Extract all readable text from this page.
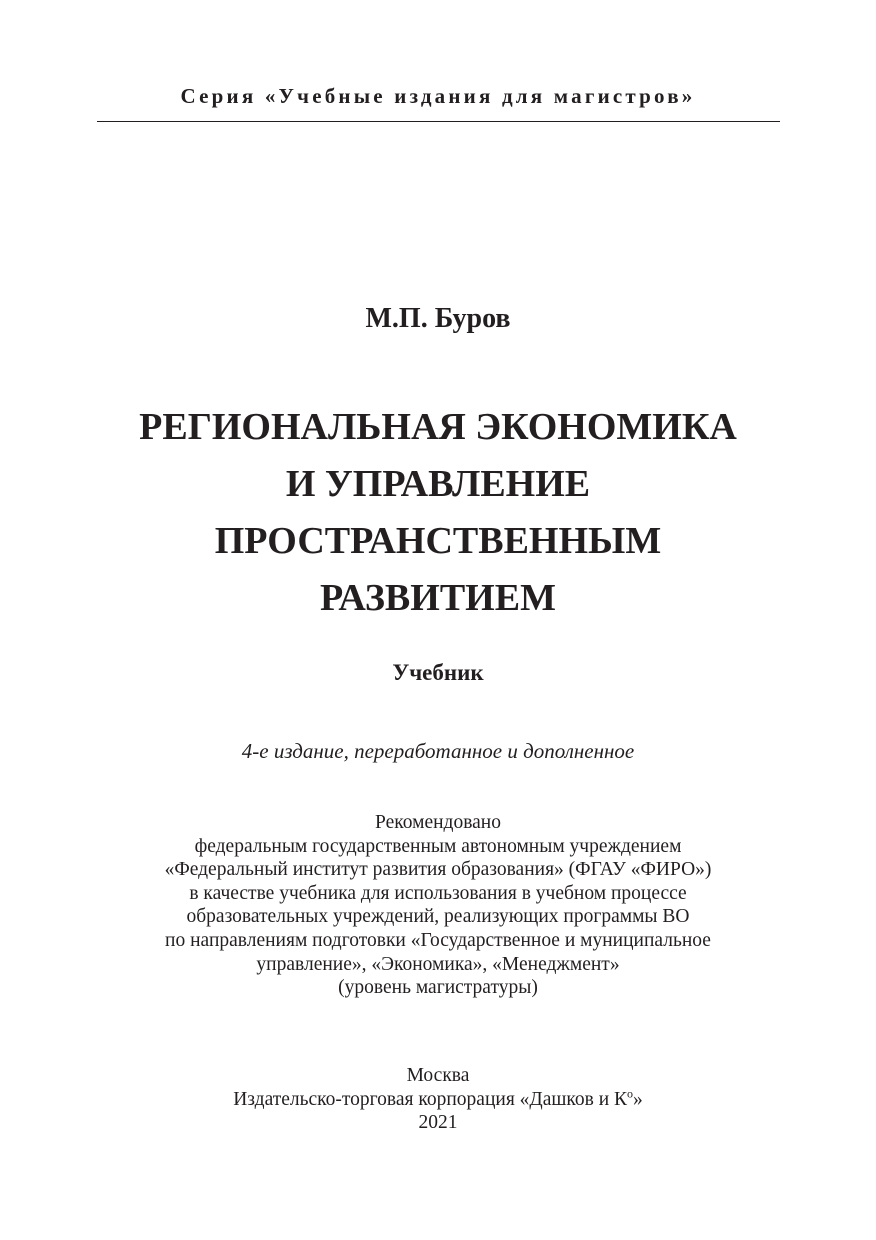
Серия «Учебные издания для магистров»
М.П. Буров
РЕГИОНАЛЬНАЯ ЭКОНОМИКА
И УПРАВЛЕНИЕ
ПРОСТРАНСТВЕННЫМ
РАЗВИТИЕМ
Учебник
4-е издание, переработанное и дополненное
Рекомендовано
федеральным государственным автономным учреждением
«Федеральный институт развития образования» (ФГАУ «ФИРО»)
в качестве учебника для использования в учебном процессе
образовательных учреждений, реализующих программы ВО
по направлениям подготовки «Государственное и муниципальное
управление», «Экономика», «Менеджмент»
(уровень магистратуры)
Москва
Издательско-торговая корпорация «Дашков и $К^о$»
2021
